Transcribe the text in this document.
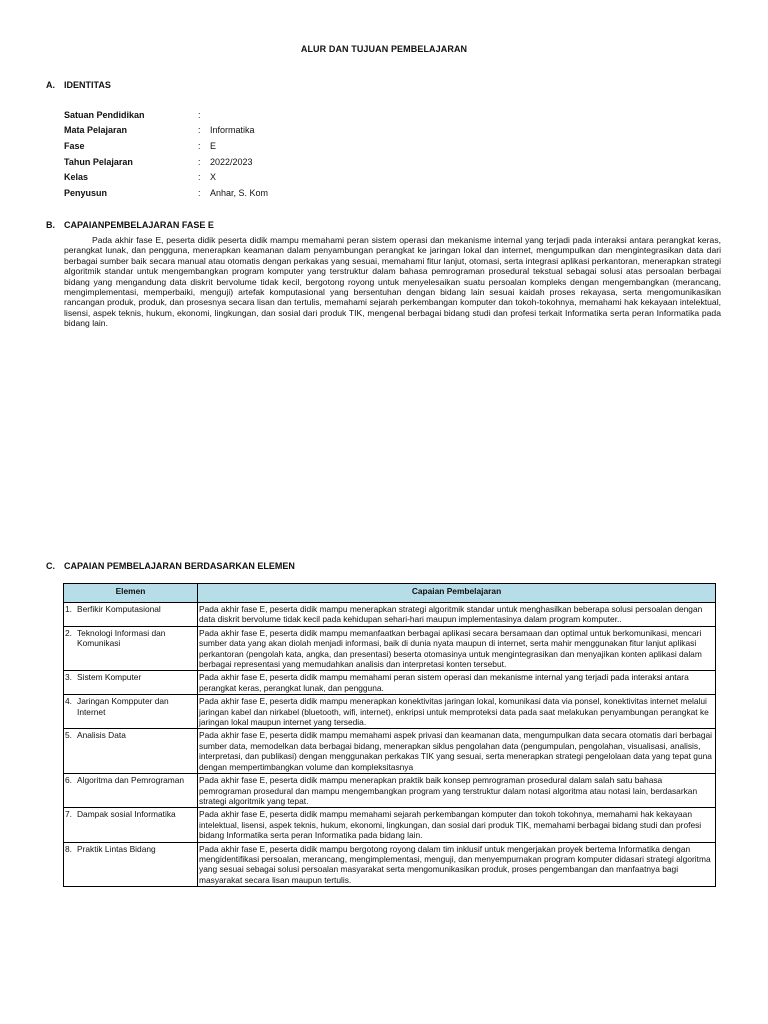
ALUR DAN TUJUAN PEMBELAJARAN
A. IDENTITAS
Satuan Pendidikan	:
Mata Pelajaran	: Informatika
Fase	: E
Tahun Pelajaran	: 2022/2023
Kelas	: X
Penyusun	: Anhar, S. Kom
B. CAPAIANPEMBELAJARAN FASE E

Pada akhir fase E, peserta didik peserta didik mampu memahami peran sistem operasi dan mekanisme internal yang terjadi pada interaksi antara perangkat keras, perangkat lunak, dan pengguna, menerapkan keamanan dalam penyambungan perangkat ke jaringan lokal dan internet, mengumpulkan dan mengintegrasikan data dari berbagai sumber baik secara manual atau otomatis dengan perkakas yang sesuai, memahami fitur lanjut, otomasi, serta integrasi aplikasi perkantoran, menerapkan strategi algoritmik standar untuk mengembangkan program komputer yang terstruktur dalam bahasa pemrograman prosedural tekstual sebagai solusi atas persoalan berbagai bidang yang mengandung data diskrit bervolume tidak kecil, bergotong royong untuk menyelesaikan suatu persoalan kompleks dengan mengembangkan (merancang, mengimplementasi, memperbaiki, menguji) artefak komputasional yang bersentuhan dengan bidang lain sesuai kaidah proses rekayasa, serta mengomunikasikan rancangan produk, produk, dan prosesnya secara lisan dan tertulis, memahami sejarah perkembangan komputer dan tokoh-tokohnya, memahami hak kekayaan intelektual, lisensi, aspek teknis, hukum, ekonomi, lingkungan, dan sosial dari produk TIK, mengenal berbagai bidang studi dan profesi terkait Informatika serta peran Informatika pada bidang lain.

C. CAPAIAN PEMBELAJARAN BERDASARKAN ELEMEN
Elemen	Capaian Pembelajaran

1. Berfikir Komputasional	Pada akhir fase E, peserta didik mampu menerapkan strategi algoritmik standar untuk menghasilkan beberapa solusi persoalan dengan data diskrit bervolume tidak kecil pada kehidupan sehari-hari maupun implementasinya dalam program komputer..

2. Teknologi Informasi dan Komunikasi	Pada akhir fase E, peserta didik mampu memanfaatkan berbagai aplikasi secara bersamaan dan optimal untuk berkomunikasi, mencari sumber data yang akan diolah menjadi informasi, baik di dunia nyata maupun di internet, serta mahir menggunakan fitur lanjut aplikasi perkantoran (pengolah kata, angka, dan presentasi) beserta otomasinya untuk mengintegrasikan dan menyajikan konten aplikasi dalam berbagai representasi yang memudahkan analisis dan interpretasi konten tersebut.

3. Sistem Komputer	Pada akhir fase E, peserta didik mampu memahami peran sistem operasi dan mekanisme internal yang terjadi pada interaksi antara perangkat keras, perangkat lunak, dan pengguna.

4. Jaringan Kompputer dan Internet	Pada akhir fase E, peserta didik mampu menerapkan konektivitas jaringan lokal, komunikasi data via ponsel, konektivitas internet melalui jaringan kabel dan nirkabel (bluetooth, wifi, internet), enkripsi untuk memproteksi data pada saat melakukan penyambungan perangkat ke jaringan lokal maupun internet yang tersedia.

5. Analisis Data	Pada akhir fase E, peserta didik mampu memahami aspek privasi dan keamanan data, mengumpulkan data secara otomatis dari berbagai sumber data, memodelkan data berbagai bidang, menerapkan siklus pengolahan data (pengumpulan, pengolahan, visualisasi, analisis, interpretasi, dan publikasi) dengan menggunakan perkakas TIK yang sesuai, serta menerapkan strategi pengelolaan data yang tepat guna dengan mempertimbangkan volume dan kompleksitasnya

6. Algoritma dan Pemrograman	Pada akhir fase E, peserta didik mampu menerapkan praktik baik konsep pemrograman prosedural dalam salah satu bahasa pemrograman prosedural dan mampu mengembangkan program yang terstruktur dalam notasi algoritma atau notasi lain, berdasarkan strategi algoritmik yang tepat.

7. Dampak sosial Informatika	Pada akhir fase E, peserta didik mampu memahami sejarah perkembangan komputer dan tokoh tokohnya, memahami hak kekayaan intelektual, lisensi, aspek teknis, hukum, ekonomi, lingkungan, dan sosial dari produk TIK, memahami berbagai bidang studi dan profesi bidang Informatika serta peran Informatika pada bidang lain.

8. Praktik Lintas Bidang	Pada akhir fase E, peserta didik mampu bergotong royong dalam tim inklusif untuk mengerjakan proyek bertema Informatika dengan mengidentifikasi persoalan, merancang, mengimplementasi, menguji, dan menyempurnakan program komputer didasari strategi algoritma yang sesuai sebagai solusi persoalan masyarakat serta mengomunikasikan produk, proses pengembangan dan manfaatnya bagi masyarakat secara lisan maupun tertulis.
